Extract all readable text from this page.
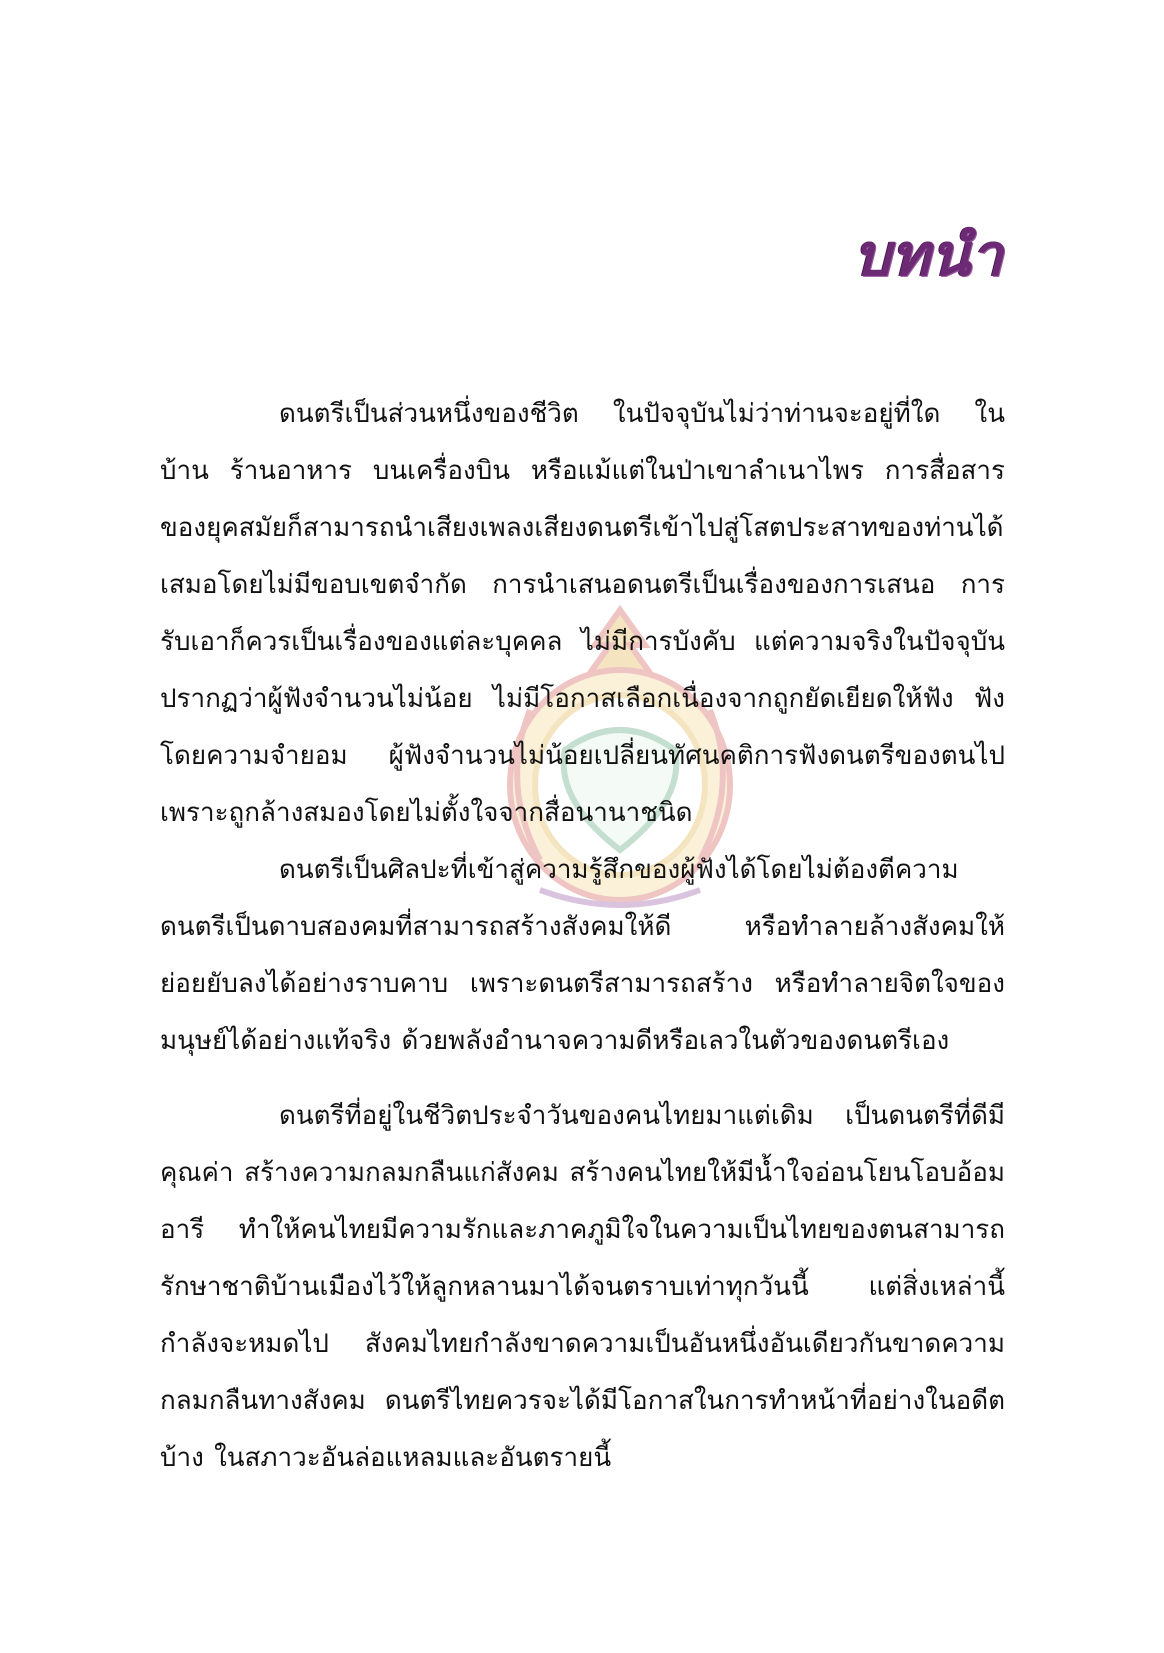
บทนำ

ดนตรีเป็นส่วนหนึ่งของชีวิต ในปัจจุบันไม่ว่าท่านจะอยู่ที่ใด ในบ้าน ร้านอาหาร บนเครื่องบิน หรือแม้แต่ในป่าเขาลำเนาไพร การสื่อสารของยุคสมัยก็สามารถนำเสียงเพลงเสียงดนตรีเข้าไปสู่โสตประสาทของท่านได้เสมอโดยไม่มีขอบเขตจำกัด การนำเสนอดนตรีเป็นเรื่องของการเสนอ การรับเอาก็ควรเป็นเรื่องของแต่ละบุคคล ไม่มีการบังคับ แต่ความจริงในปัจจุบันปรากฏว่าผู้ฟังจำนวนไม่น้อย ไม่มีโอกาสเลือกเนื่องจากถูกยัดเยียดให้ฟัง ฟังโดยความจำยอม ผู้ฟังจำนวนไม่น้อยเปลี่ยนทัศนคติการฟังดนตรีของตนไป เพราะถูกล้างสมองโดยไม่ตั้งใจจากสื่อนานาชนิด

ดนตรีเป็นศิลปะที่เข้าสู่ความรู้สึกของผู้ฟังได้โดยไม่ต้องตีความ ดนตรีเป็นดาบสองคมที่สามารถสร้างสังคมให้ดี หรือทำลายล้างสังคมให้ย่อยยับลงได้อย่างราบคาบ เพราะดนตรีสามารถสร้าง หรือทำลายจิตใจของมนุษย์ได้อย่างแท้จริง ด้วยพลังอำนาจความดีหรือเลวในตัวของดนตรีเอง

ดนตรีที่อยู่ในชีวิตประจำวันของคนไทยมาแต่เดิม เป็นดนตรีที่ดีมีคุณค่า สร้างความกลมกลืนแก่สังคม สร้างคนไทยให้มีน้ำใจอ่อนโยนโอบอ้อมอารี ทำให้คนไทยมีความรักและภาคภูมิใจในความเป็นไทยของตนสามารถรักษาชาติบ้านเมืองไว้ให้ลูกหลานมาได้จนตราบเท่าทุกวันนี้ แต่สิ่งเหล่านี้กำลังจะหมดไป สังคมไทยกำลังขาดความเป็นอันหนึ่งอันเดียวกันขาดความกลมกลืนทางสังคม ดนตรีไทยควรจะได้มีโอกาสในการทำหน้าที่อย่างในอดีตบ้าง ในสภาวะอันล่อแหลมและอันตรายนี้
